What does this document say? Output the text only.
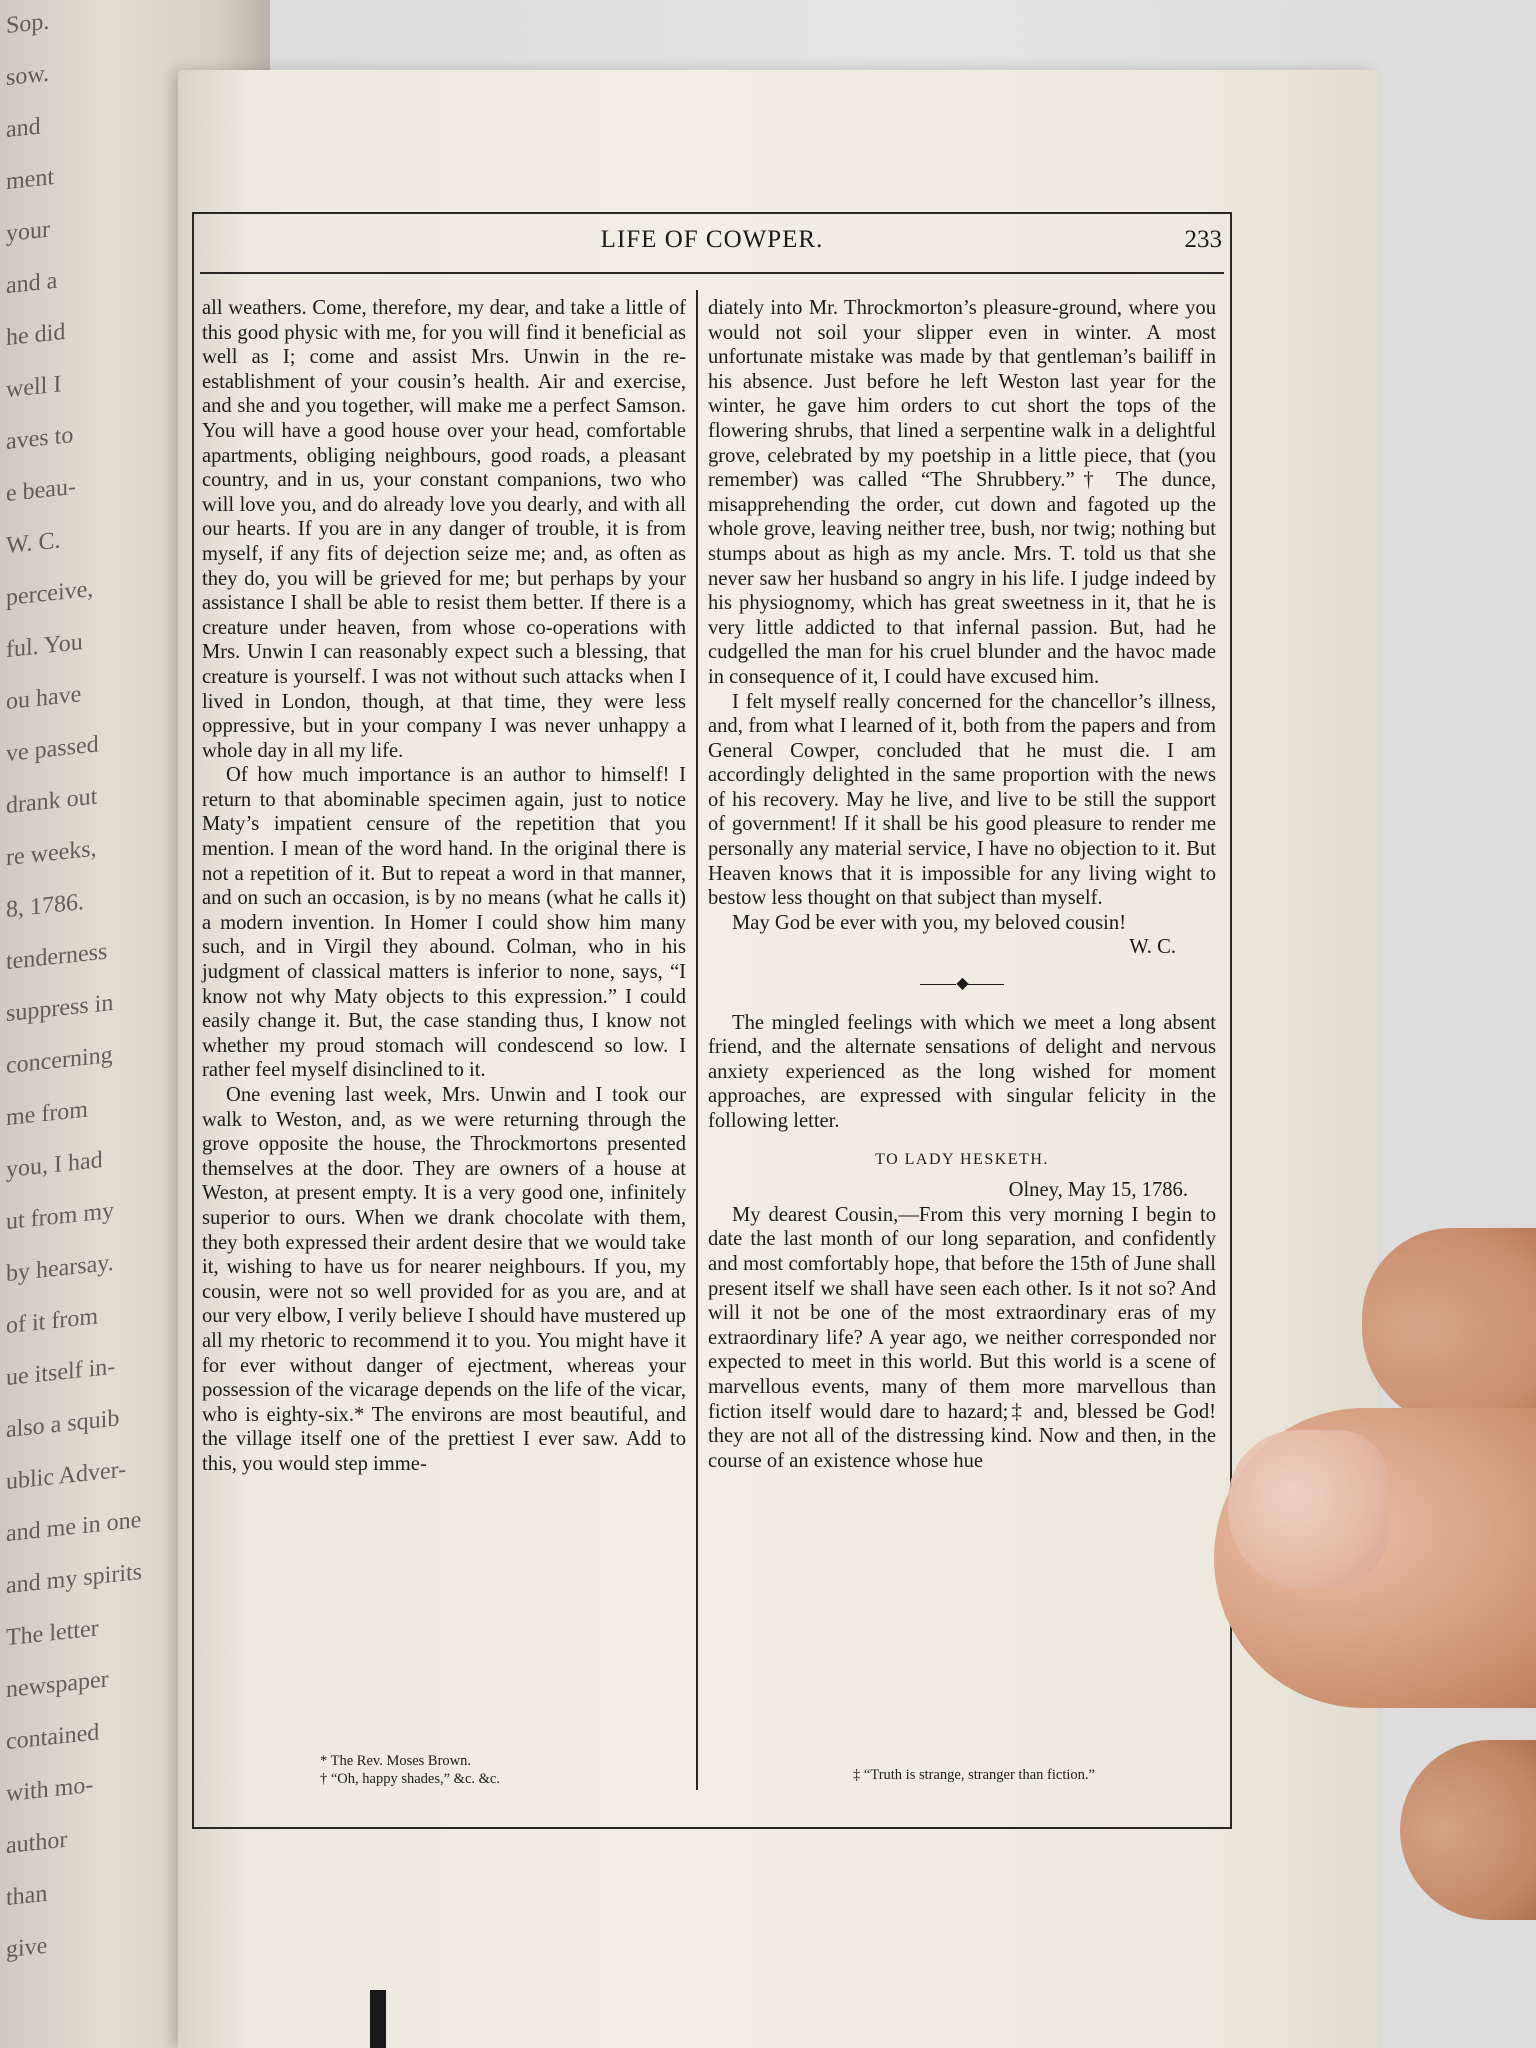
Sop.
sow.
and
ment
your
and a
he did
well I
aves to
e beau-
W. C.
perceive,
ful. You
ou have
ve passed
drank out
re weeks,
8, 1786.
tenderness
suppress in
concerning
me from
you, I had
ut from my
by hearsay.
of it from
ue itself in-
also a squib
ublic Adver-
and me in one
and my spirits
The letter
newspaper
contained
with mo-
author
than
give
LIFE OF COWPER.	233

all weathers. Come, therefore, my dear, and take a little of this good physic with me, for you will find it beneficial as well as I; come and assist Mrs. Unwin in the re-establishment of your cousin’s health. Air and exercise, and she and you together, will make me a perfect Samson. You will have a good house over your head, comfortable apartments, obliging neighbours, good roads, a pleasant country, and in us, your constant companions, two who will love you, and do already love you dearly, and with all our hearts. If you are in any danger of trouble, it is from myself, if any fits of dejection seize me; and, as often as they do, you will be grieved for me; but perhaps by your assistance I shall be able to resist them better. If there is a creature under heaven, from whose co-operations with Mrs. Unwin I can reasonably expect such a blessing, that creature is yourself. I was not without such attacks when I lived in London, though, at that time, they were less oppressive, but in your company I was never unhappy a whole day in all my life.

Of how much importance is an author to himself! I return to that abominable specimen again, just to notice Maty’s impatient censure of the repetition that you mention. I mean of the word hand. In the original there is not a repetition of it. But to repeat a word in that manner, and on such an occasion, is by no means (what he calls it) a modern invention. In Homer I could show him many such, and in Virgil they abound. Colman, who in his judgment of classical matters is inferior to none, says, “I know not why Maty objects to this expression.” I could easily change it. But, the case standing thus, I know not whether my proud stomach will condescend so low. I rather feel myself disinclined to it.

One evening last week, Mrs. Unwin and I took our walk to Weston, and, as we were returning through the grove opposite the house, the Throckmortons presented themselves at the door. They are owners of a house at Weston, at present empty. It is a very good one, infinitely superior to ours. When we drank chocolate with them, they both expressed their ardent desire that we would take it, wishing to have us for nearer neighbours. If you, my cousin, were not so well provided for as you are, and at our very elbow, I verily believe I should have mustered up all my rhetoric to recommend it to you. You might have it for ever without danger of ejectment, whereas your possession of the vicarage depends on the life of the vicar, who is eighty-six.* The environs are most beautiful, and the village itself one of the prettiest I ever saw. Add to this, you would step imme-

diately into Mr. Throckmorton’s pleasure-ground, where you would not soil your slipper even in winter. A most unfortunate mistake was made by that gentleman’s bailiff in his absence. Just before he left Weston last year for the winter, he gave him orders to cut short the tops of the flowering shrubs, that lined a serpentine walk in a delightful grove, celebrated by my poetship in a little piece, that (you remember) was called “The Shrubbery.”† The dunce, misapprehending the order, cut down and fagoted up the whole grove, leaving neither tree, bush, nor twig; nothing but stumps about as high as my ancle. Mrs. T. told us that she never saw her husband so angry in his life. I judge indeed by his physiognomy, which has great sweetness in it, that he is very little addicted to that infernal passion. But, had he cudgelled the man for his cruel blunder and the havoc made in consequence of it, I could have excused him.

I felt myself really concerned for the chancellor’s illness, and, from what I learned of it, both from the papers and from General Cowper, concluded that he must die. I am accordingly delighted in the same proportion with the news of his recovery. May he live, and live to be still the support of government! If it shall be his good pleasure to render me personally any material service, I have no objection to it. But Heaven knows that it is impossible for any living wight to bestow less thought on that subject than myself.

May God be ever with you, my beloved cousin!

W. C.
◆

The mingled feelings with which we meet a long absent friend, and the alternate sensations of delight and nervous anxiety experienced as the long wished for moment approaches, are expressed with singular felicity in the following letter.

TO LADY HESKETH.
Olney, May 15, 1786.

My dearest Cousin,—From this very morning I begin to date the last month of our long separation, and confidently and most comfortably hope, that before the 15th of June shall present itself we shall have seen each other. Is it not so? And will it not be one of the most extraordinary eras of my extraordinary life? A year ago, we neither corresponded nor expected to meet in this world. But this world is a scene of marvellous events, many of them more marvellous than fiction itself would dare to hazard;‡ and, blessed be God! they are not all of the distressing kind. Now and then, in the course of an existence whose hue

* The Rev. Moses Brown.
† “Oh, happy shades,” &c. &c.	‡ “Truth is strange, stranger than fiction.”
